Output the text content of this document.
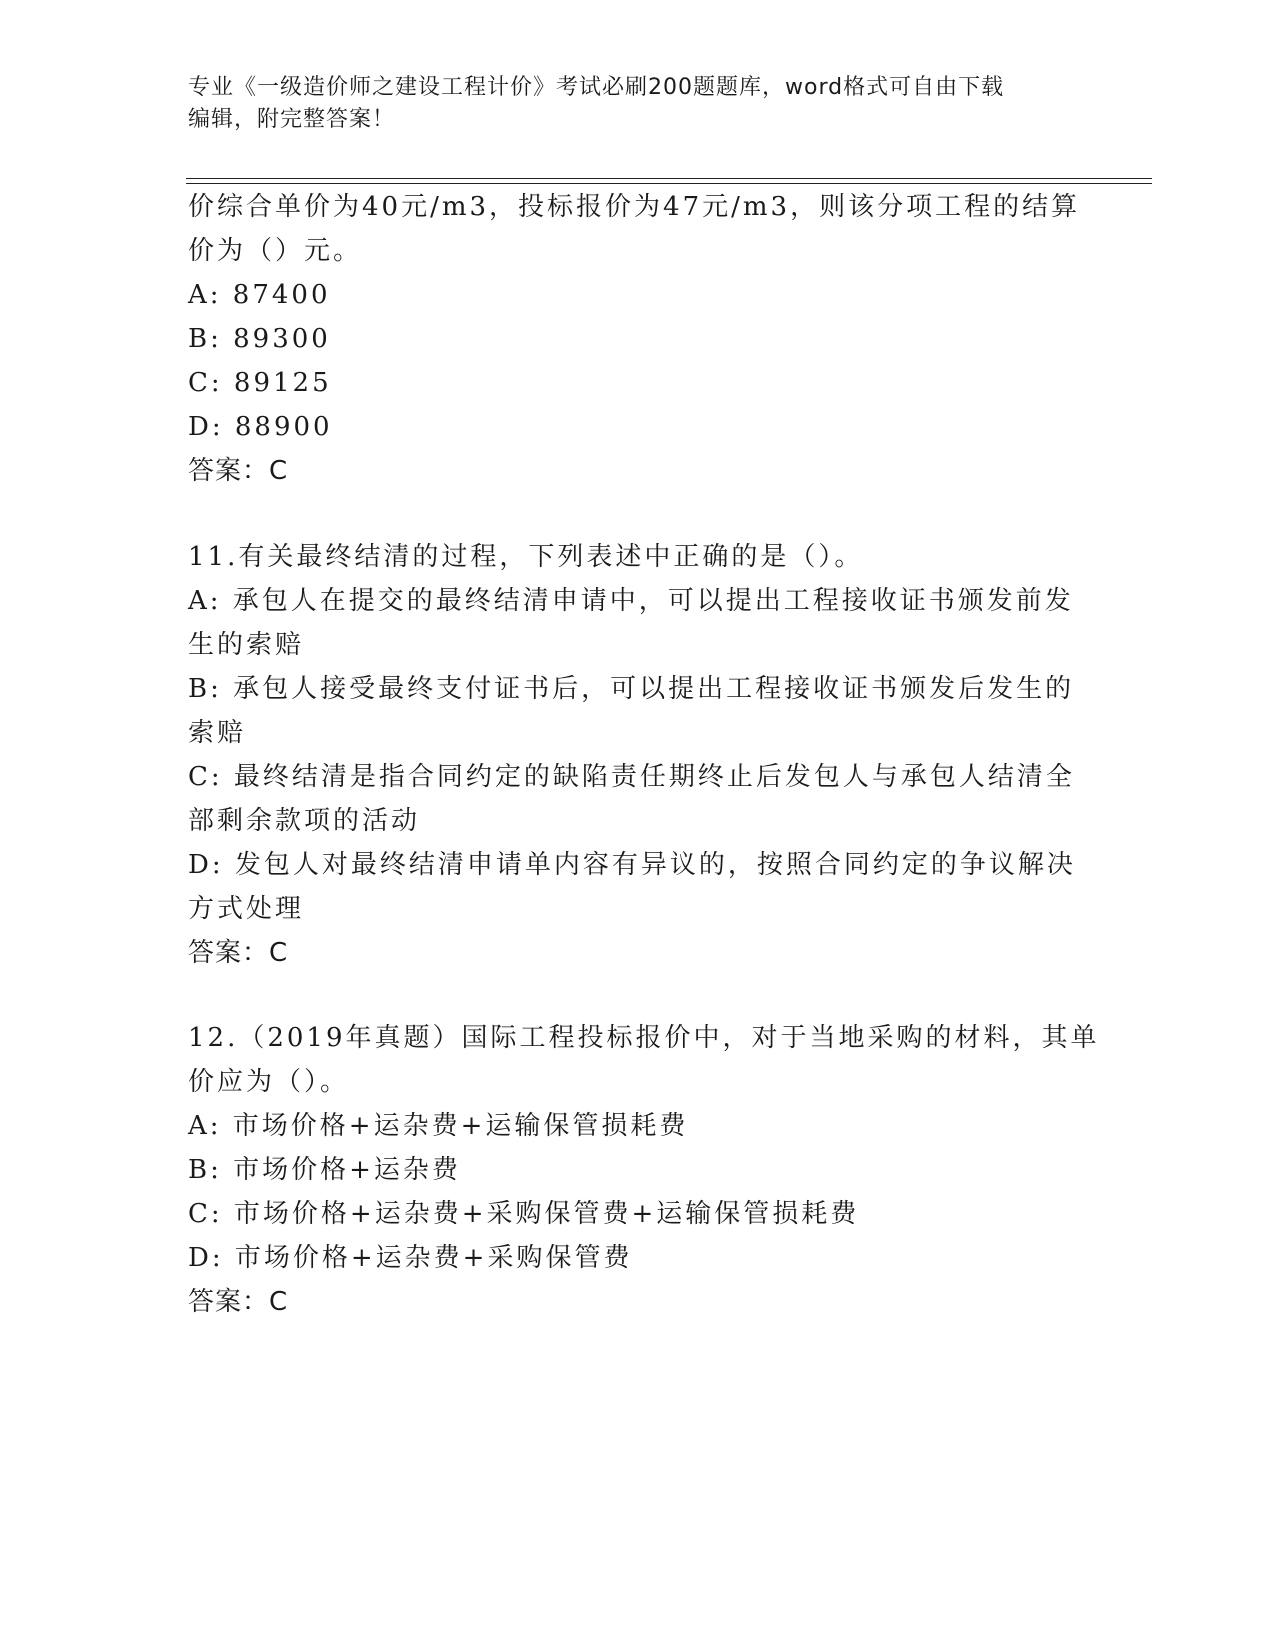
专业《一级造价师之建设工程计价》考试必刷200题题库，word格式可自由下载
编辑，附完整答案！
价综合单价为40元/m3，投标报价为47元/m3，则该分项工程的结算
价为（）元。
A: 87400
B: 89300
C: 89125
D: 88900
答案：C
11.有关最终结清的过程，下列表述中正确的是（）。
A: 承包人在提交的最终结清申请中，可以提出工程接收证书颁发前发
生的索赔
B: 承包人接受最终支付证书后，可以提出工程接收证书颁发后发生的
索赔
C: 最终结清是指合同约定的缺陷责任期终止后发包人与承包人结清全
部剩余款项的活动
D: 发包人对最终结清申请单内容有异议的，按照合同约定的争议解决
方式处理
答案：C
12.（2019年真题）国际工程投标报价中，对于当地采购的材料，其单
价应为（）。
A: 市场价格+运杂费+运输保管损耗费
B: 市场价格+运杂费
C: 市场价格+运杂费+采购保管费+运输保管损耗费
D: 市场价格+运杂费+采购保管费
答案：C
